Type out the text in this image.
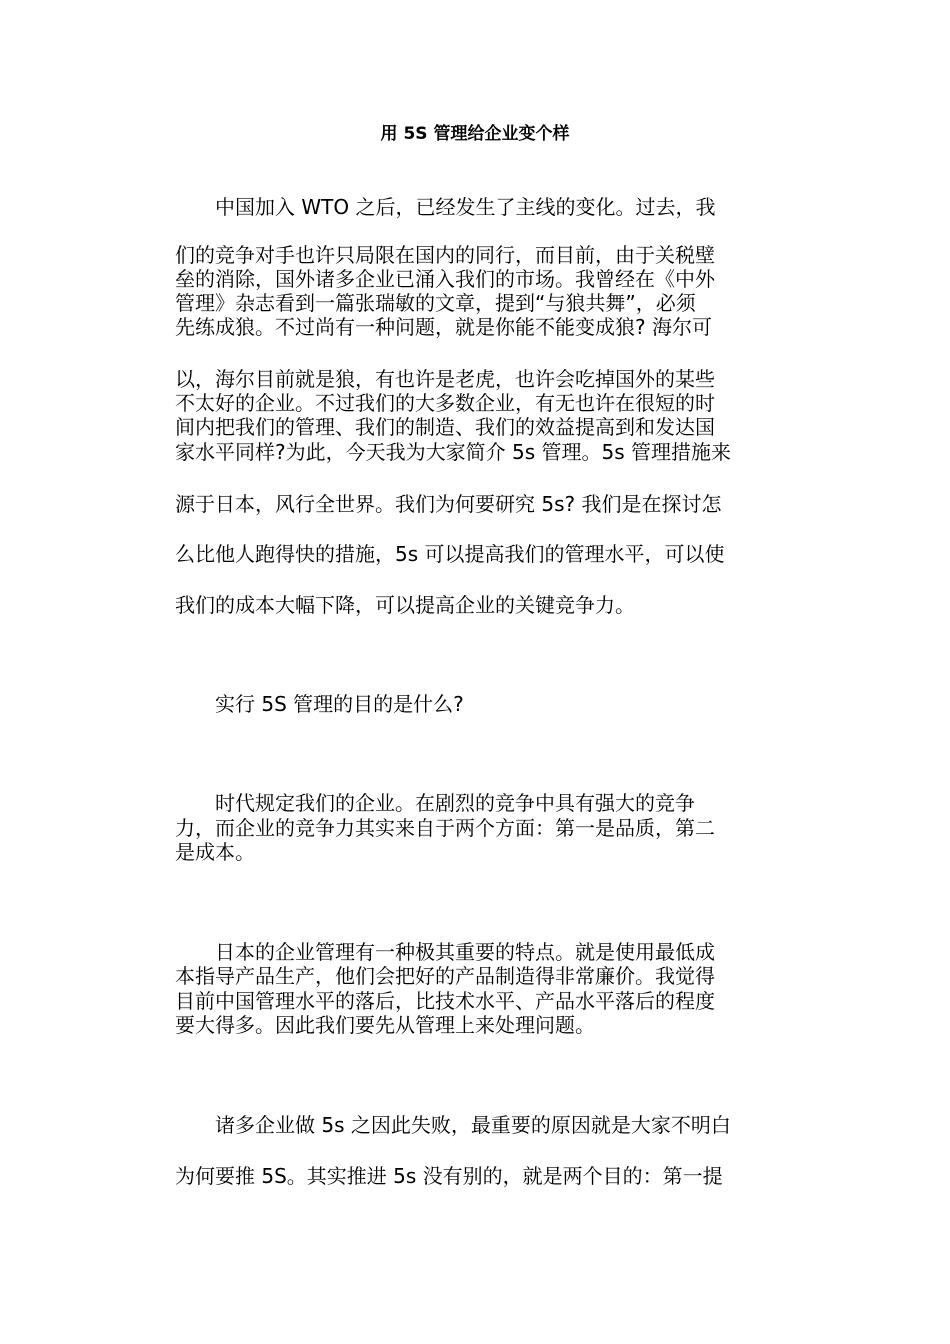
用 5S 管理给企业变个样
　　中国加入 WTO 之后，已经发生了主线的变化。过去，我
们的竞争对手也许只局限在国内的同行，而目前，由于关税壁
垒的消除，国外诸多企业已涌入我们的市场。我曾经在《中外
管理》杂志看到一篇张瑞敏的文章，提到“与狼共舞”，必须
先练成狼。不过尚有一种问题，就是你能不能变成狼? 海尔可
以，海尔目前就是狼，有也许是老虎，也许会吃掉国外的某些
不太好的企业。不过我们的大多数企业，有无也许在很短的时
间内把我们的管理、我们的制造、我们的效益提高到和发达国
家水平同样?为此，今天我为大家简介 5s 管理。5s 管理措施来
源于日本，风行全世界。我们为何要研究 5s? 我们是在探讨怎
么比他人跑得快的措施，5s 可以提高我们的管理水平，可以使
我们的成本大幅下降，可以提高企业的关键竞争力。
　　实行 5S 管理的目的是什么?
　　时代规定我们的企业。在剧烈的竞争中具有强大的竞争
力，而企业的竞争力其实来自于两个方面：第一是品质，第二
是成本。
　　日本的企业管理有一种极其重要的特点。就是使用最低成
本指导产品生产，他们会把好的产品制造得非常廉价。我觉得
目前中国管理水平的落后，比技术水平、产品水平落后的程度
要大得多。因此我们要先从管理上来处理问题。
　　诸多企业做 5s 之因此失败，最重要的原因就是大家不明白
为何要推 5S。其实推进 5s 没有别的，就是两个目的：第一提
